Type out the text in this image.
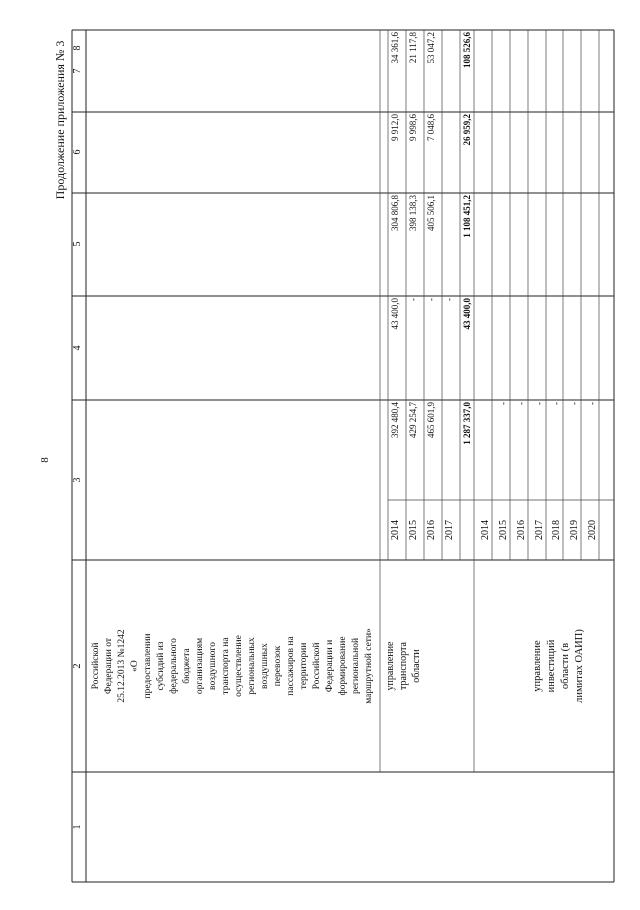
8
Продолжение приложения № 3
1
2
3
4
5
6
7
8
Российской Федерации от 25.12.2013 №1242 «О предоставлении субсидий из федерального бюджета организациям воздушного транспорта на осуществление региональных воздушных перевозок пассажиров на территории Российской Федерации и формирование региональной маршрутной сети» управление транспорта области
2014
392 480,4
43 400,0
304 806,8
9 912,0
34 361,6
2015
429 254,7
-
398 138,3
9 998,6
21 117,8
2016
465 601,9
-
405 506,1
7 048,6
53 047,2
2017
-
1 287 337,0
43 400,0
1 108 451,2
26 959,2
108 526,6
управление инвестиций области (в лимитах ОАИП)
2014 2015
-
2016
-
2017
-
2018
-
2019
-
2020
-
